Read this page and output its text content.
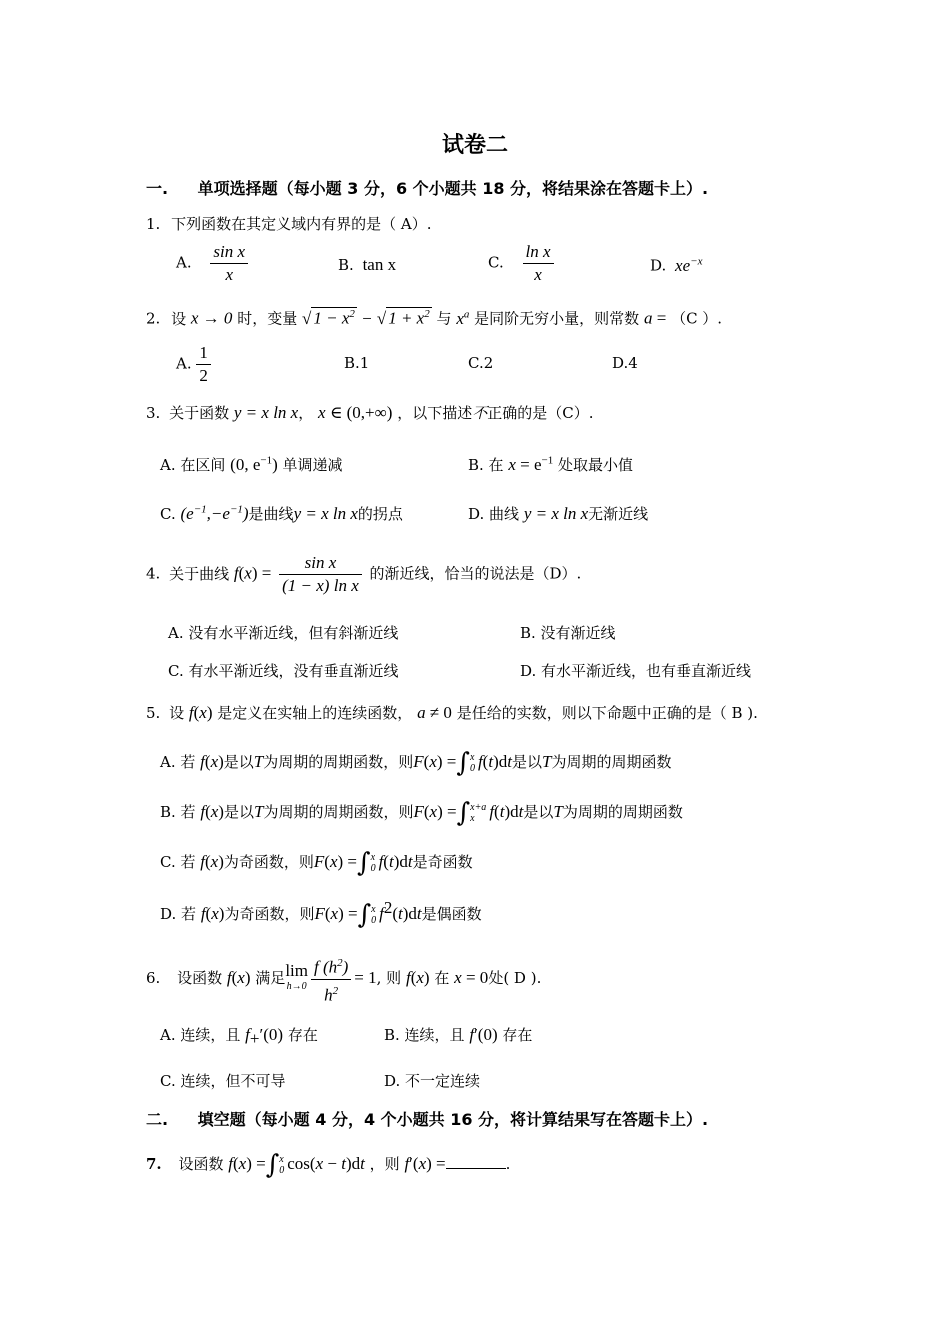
试卷二
一. 单项选择题（每小题 3 分，6 个小题共 18 分，将结果涂在答题卡上）.
1. 下列函数在其定义域内有界的是（ A）.
A. $\frac{\text{sin x}}{x}$	B. tan x	C. $\frac{\text{ln x}}{x}$	D. $xe^{-x}$
2. 设 x → 0 时，变量 √ $1 - x^2$ − √ $1 + x^2$ 与 $x^a$ 是同阶无穷小量，则常数 a = （C ）.
A. $\frac{1}{2}$	B.1	C.2	D.4
3. 关于函数 y = x ln x， x ∈ (0,+∞) ，以下描述不正确的是（C）.
A. 在区间 (0, $e^{-1}$) 单调递减	B. 在 $x = e^{-1}$ 处取最小值
C. $(e^{-1},-e^{-1})$是曲线y = x ln x的拐点	D. 曲线 y = x ln x无渐近线
4. 关于曲线 $f(x) = \frac{\text{sin x}}{\text{(1 − x) ln x}}$ 的渐近线，恰当的说法是（D）.
A. 没有水平渐近线，但有斜渐近线	B. 没有渐近线
C. 有水平渐近线，没有垂直渐近线	D. 有水平渐近线，也有垂直渐近线
5. 设 f(x) 是定义在实轴上的连续函数， a ≠ 0 是任给的实数，则以下命题中正确的是（ B ).
A. 若 f(x)是以T为周期的周期函数，则F(x) =∫ x
0 f(t)dt是以T为周期的周期函数
B. 若 f(x)是以T为周期的周期函数，则F(x) =∫ x+a
x f(t)dt是以T为周期的周期函数
C. 若 f(x)为奇函数，则F(x) =∫ x
0 f(t)dt是奇函数
D. 若 f(x)为奇函数，则F(x) =∫ x
0 $f^2(t)dt$是偶函数
6. 设函数 f(x) 满足lim
$h\to 0 \frac{f (h^2)}{h^2} = 1$, 则 f(x) 在 x = 0处( D ).
A. 连续，且 $f_+'(0)$ 存在	B. 连续，且 f′(0) 存在
C. 连续，但不可导	D. 不一定连续
二. 填空题（每小题 4 分，4 个小题共 16 分，将计算结果写在答题卡上）.
7. 设函数 f(x) =∫ x
0 cos(x − t)dt ，则 f′(x) =	.
